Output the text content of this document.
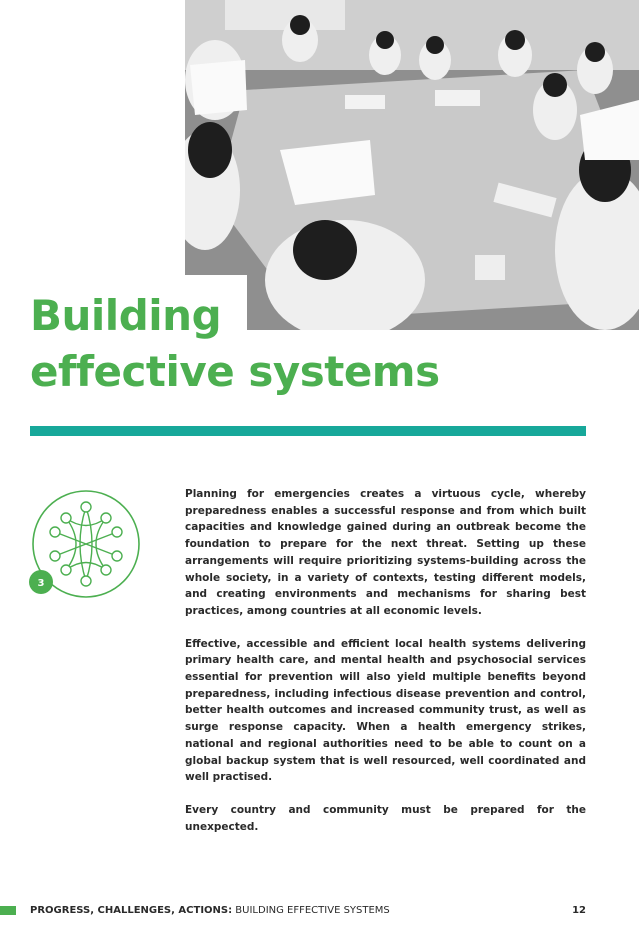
Building
effective systems
3

Planning for emergencies creates a virtuous cycle, whereby preparedness enables a successful response and from which built capacities and knowledge gained during an outbreak become the foundation to prepare for the next threat. Setting up these arrangements will require prioritizing systems-building across the whole society, in a variety of contexts, testing different models, and creating environments and mechanisms for sharing best practices, among countries at all economic levels.

Effective, accessible and efficient local health systems delivering primary health care, and mental health and psychosocial services essential for prevention will also yield multiple benefits beyond preparedness, including infectious disease prevention and control, better health outcomes and increased community trust, as well as surge response capacity. When a health emergency strikes, national and regional authorities need to be able to count on a global backup system that is well resourced, well coordinated and well practised.

Every country and community must be prepared for the unexpected.

PROGRESS, CHALLENGES, ACTIONS: BUILDING EFFECTIVE SYSTEMS	12
